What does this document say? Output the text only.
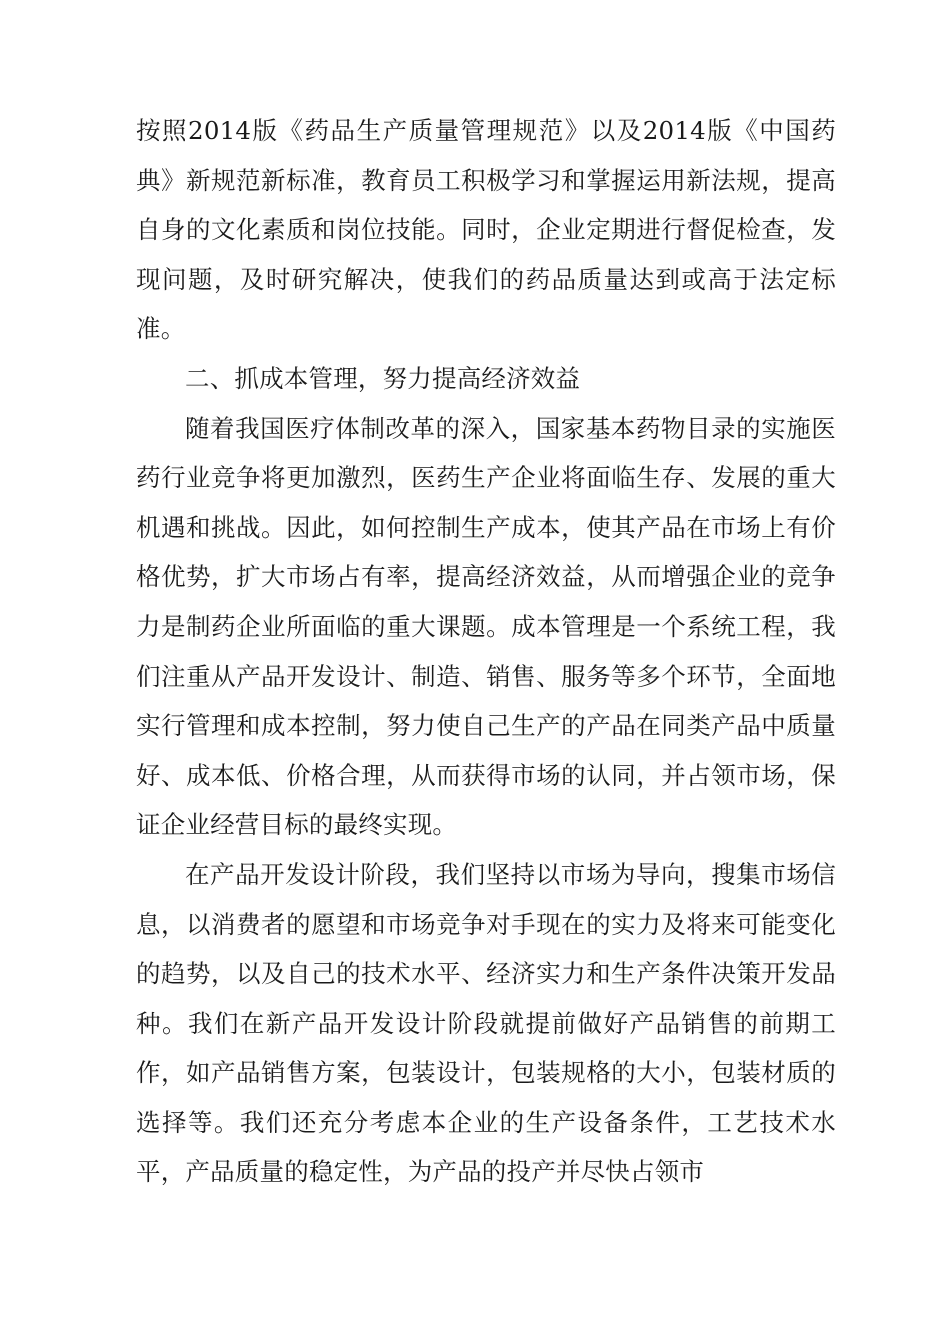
按照2014版《药品生产质量管理规范》以及2014版《中国药典》新规范新标准，教育员工积极学习和掌握运用新法规，提高自身的文化素质和岗位技能。同时，企业定期进行督促检查，发现问题，及时研究解决，使我们的药品质量达到或高于法定标准。

二、抓成本管理，努力提高经济效益

随着我国医疗体制改革的深入，国家基本药物目录的实施医药行业竞争将更加激烈，医药生产企业将面临生存、发展的重大机遇和挑战。因此，如何控制生产成本，使其产品在市场上有价格优势，扩大市场占有率，提高经济效益，从而增强企业的竞争力是制药企业所面临的重大课题。成本管理是一个系统工程，我们注重从产品开发设计、制造、销售、服务等多个环节，全面地实行管理和成本控制，努力使自己生产的产品在同类产品中质量好、成本低、价格合理，从而获得市场的认同，并占领市场，保证企业经营目标的最终实现。

在产品开发设计阶段，我们坚持以市场为导向，搜集市场信息，以消费者的愿望和市场竞争对手现在的实力及将来可能变化的趋势，以及自己的技术水平、经济实力和生产条件决策开发品种。我们在新产品开发设计阶段就提前做好产品销售的前期工作，如产品销售方案，包装设计，包装规格的大小，包装材质的选择等。我们还充分考虑本企业的生产设备条件，工艺技术水平，产品质量的稳定性，为产品的投产并尽快占领市
